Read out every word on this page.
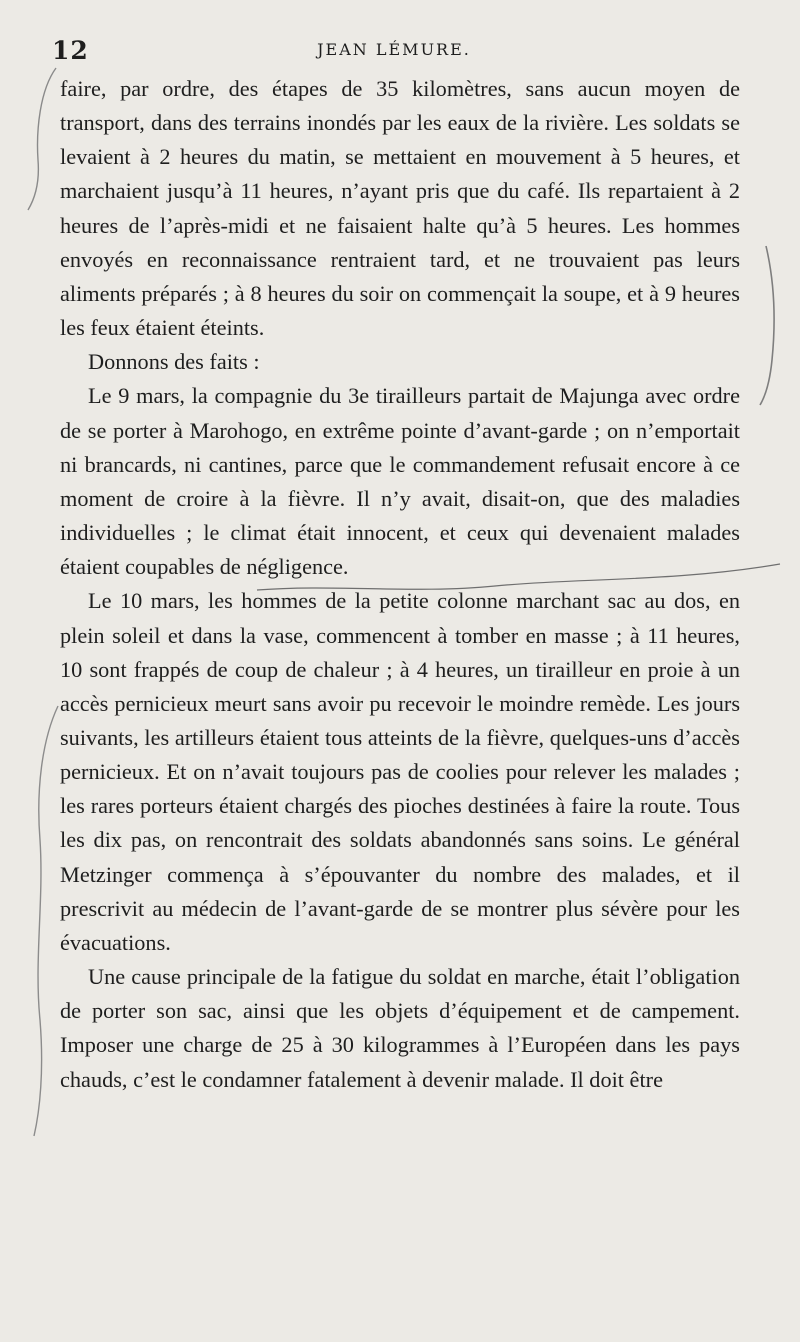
12	JEAN LÉMURE.

faire, par ordre, des étapes de 35 kilomètres, sans aucun moyen de transport, dans des terrains inondés par les eaux de la rivière. Les soldats se levaient à 2 heures du matin, se mettaient en mouvement à 5 heures, et marchaient jusqu’à 11 heures, n’ayant pris que du café. Ils repartaient à 2 heures de l’après-midi et ne faisaient halte qu’à 5 heures. Les hommes envoyés en reconnaissance rentraient tard, et ne trouvaient pas leurs aliments préparés ; à 8 heures du soir on commençait la soupe, et à 9 heures les feux étaient éteints.

Donnons des faits :

Le 9 mars, la compagnie du 3e tirailleurs partait de Majunga avec ordre de se porter à Marohogo, en extrême pointe d’avant-garde ; on n’emportait ni brancards, ni cantines, parce que le commandement refusait encore à ce moment de croire à la fièvre. Il n’y avait, disait-on, que des maladies individuelles ; le climat était innocent, et ceux qui devenaient malades étaient coupables de négligence.

Le 10 mars, les hommes de la petite colonne marchant sac au dos, en plein soleil et dans la vase, commencent à tomber en masse ; à 11 heures, 10 sont frappés de coup de chaleur ; à 4 heures, un tirailleur en proie à un accès pernicieux meurt sans avoir pu recevoir le moindre remède. Les jours suivants, les artilleurs étaient tous atteints de la fièvre, quelques-uns d’accès pernicieux. Et on n’avait toujours pas de coolies pour relever les malades ; les rares porteurs étaient chargés des pioches destinées à faire la route. Tous les dix pas, on rencontrait des soldats abandonnés sans soins. Le général Metzinger commença à s’épouvanter du nombre des malades, et il prescrivit au médecin de l’avant-garde de se montrer plus sévère pour les évacuations.

Une cause principale de la fatigue du soldat en marche, était l’obligation de porter son sac, ainsi que les objets d’équipement et de campement. Imposer une charge de 25 à 30 kilogrammes à l’Européen dans les pays chauds, c’est le condamner fatalement à devenir malade. Il doit être
